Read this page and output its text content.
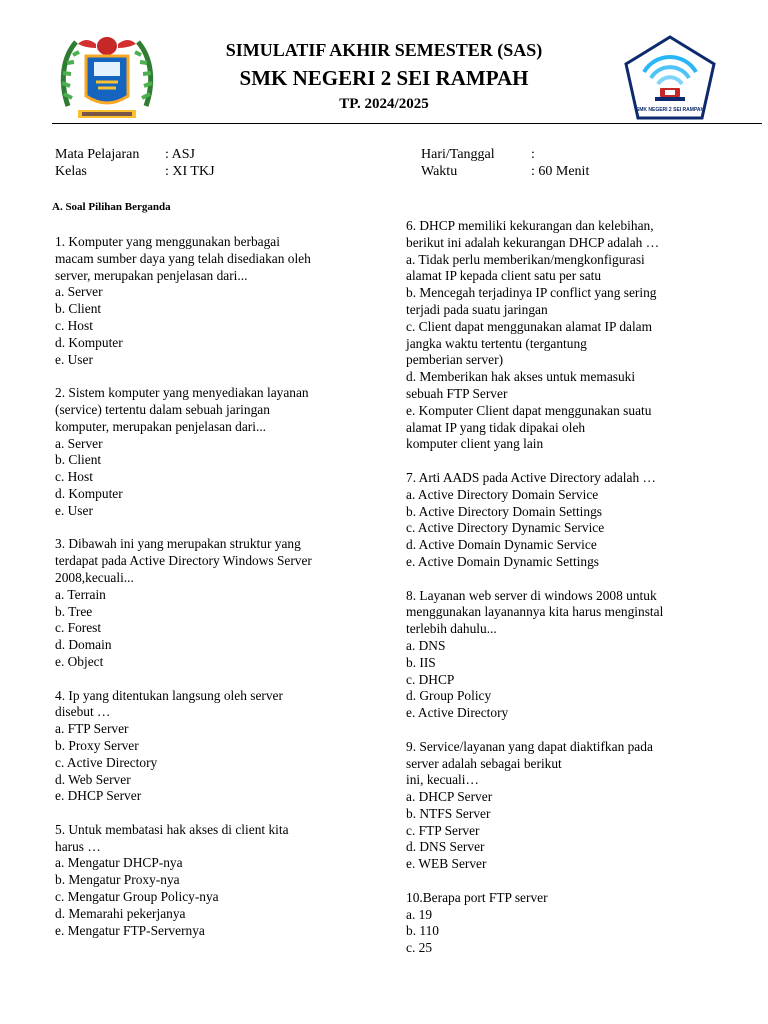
SMK NEGERI 2 SEI RAMPAH
SIMULATIF AKHIR SEMESTER (SAS)
SMK NEGERI 2 SEI RAMPAH
TP. 2024/2025
Mata Pelajaran : ASJ
Kelas	: XI TKJ
Hari/Tanggal	:
Waktu	: 60 Menit
A. Soal Pilihan Berganda
1. Komputer yang menggunakan berbagai
macam sumber daya yang telah disediakan oleh
server, merupakan penjelasan dari...
a. Server
b. Client
c. Host
d. Komputer
e. User
2. Sistem komputer yang menyediakan layanan
(service) tertentu dalam sebuah jaringan
komputer, merupakan penjelasan dari...
a. Server
b. Client
c. Host
d. Komputer
e. User
3. Dibawah ini yang merupakan struktur yang
terdapat pada Active Directory Windows Server
2008,kecuali...
a. Terrain
b. Tree
c. Forest
d. Domain
e. Object
4. Ip yang ditentukan langsung oleh server
disebut …
a. FTP Server
b. Proxy Server
c. Active Directory
d. Web Server
e. DHCP Server
5. Untuk membatasi hak akses di client kita
harus …
a. Mengatur DHCP-nya
b. Mengatur Proxy-nya
c. Mengatur Group Policy-nya
d. Memarahi pekerjanya
e. Mengatur FTP-Servernya
6. DHCP memiliki kekurangan dan kelebihan,
berikut ini adalah kekurangan DHCP adalah …
a. Tidak perlu memberikan/mengkonfigurasi
alamat IP kepada client satu per satu
b. Mencegah terjadinya IP conflict yang sering
terjadi pada suatu jaringan
c. Client dapat menggunakan alamat IP dalam
jangka waktu tertentu (tergantung
pemberian server)
d. Memberikan hak akses untuk memasuki
sebuah FTP Server
e. Komputer Client dapat menggunakan suatu
alamat IP yang tidak dipakai oleh
komputer client yang lain
7. Arti AADS pada Active Directory adalah …
a. Active Directory Domain Service
b. Active Directory Domain Settings
c. Active Directory Dynamic Service
d. Active Domain Dynamic Service
e. Active Domain Dynamic Settings
8. Layanan web server di windows 2008 untuk
menggunakan layanannya kita harus menginstal
terlebih dahulu...
a. DNS
b. IIS
c. DHCP
d. Group Policy
e. Active Directory
9. Service/layanan yang dapat diaktifkan pada
server adalah sebagai berikut
ini, kecuali…
a. DHCP Server
b. NTFS Server
c. FTP Server
d. DNS Server
e. WEB Server
10.Berapa port FTP server
a. 19
b. 110
c. 25
